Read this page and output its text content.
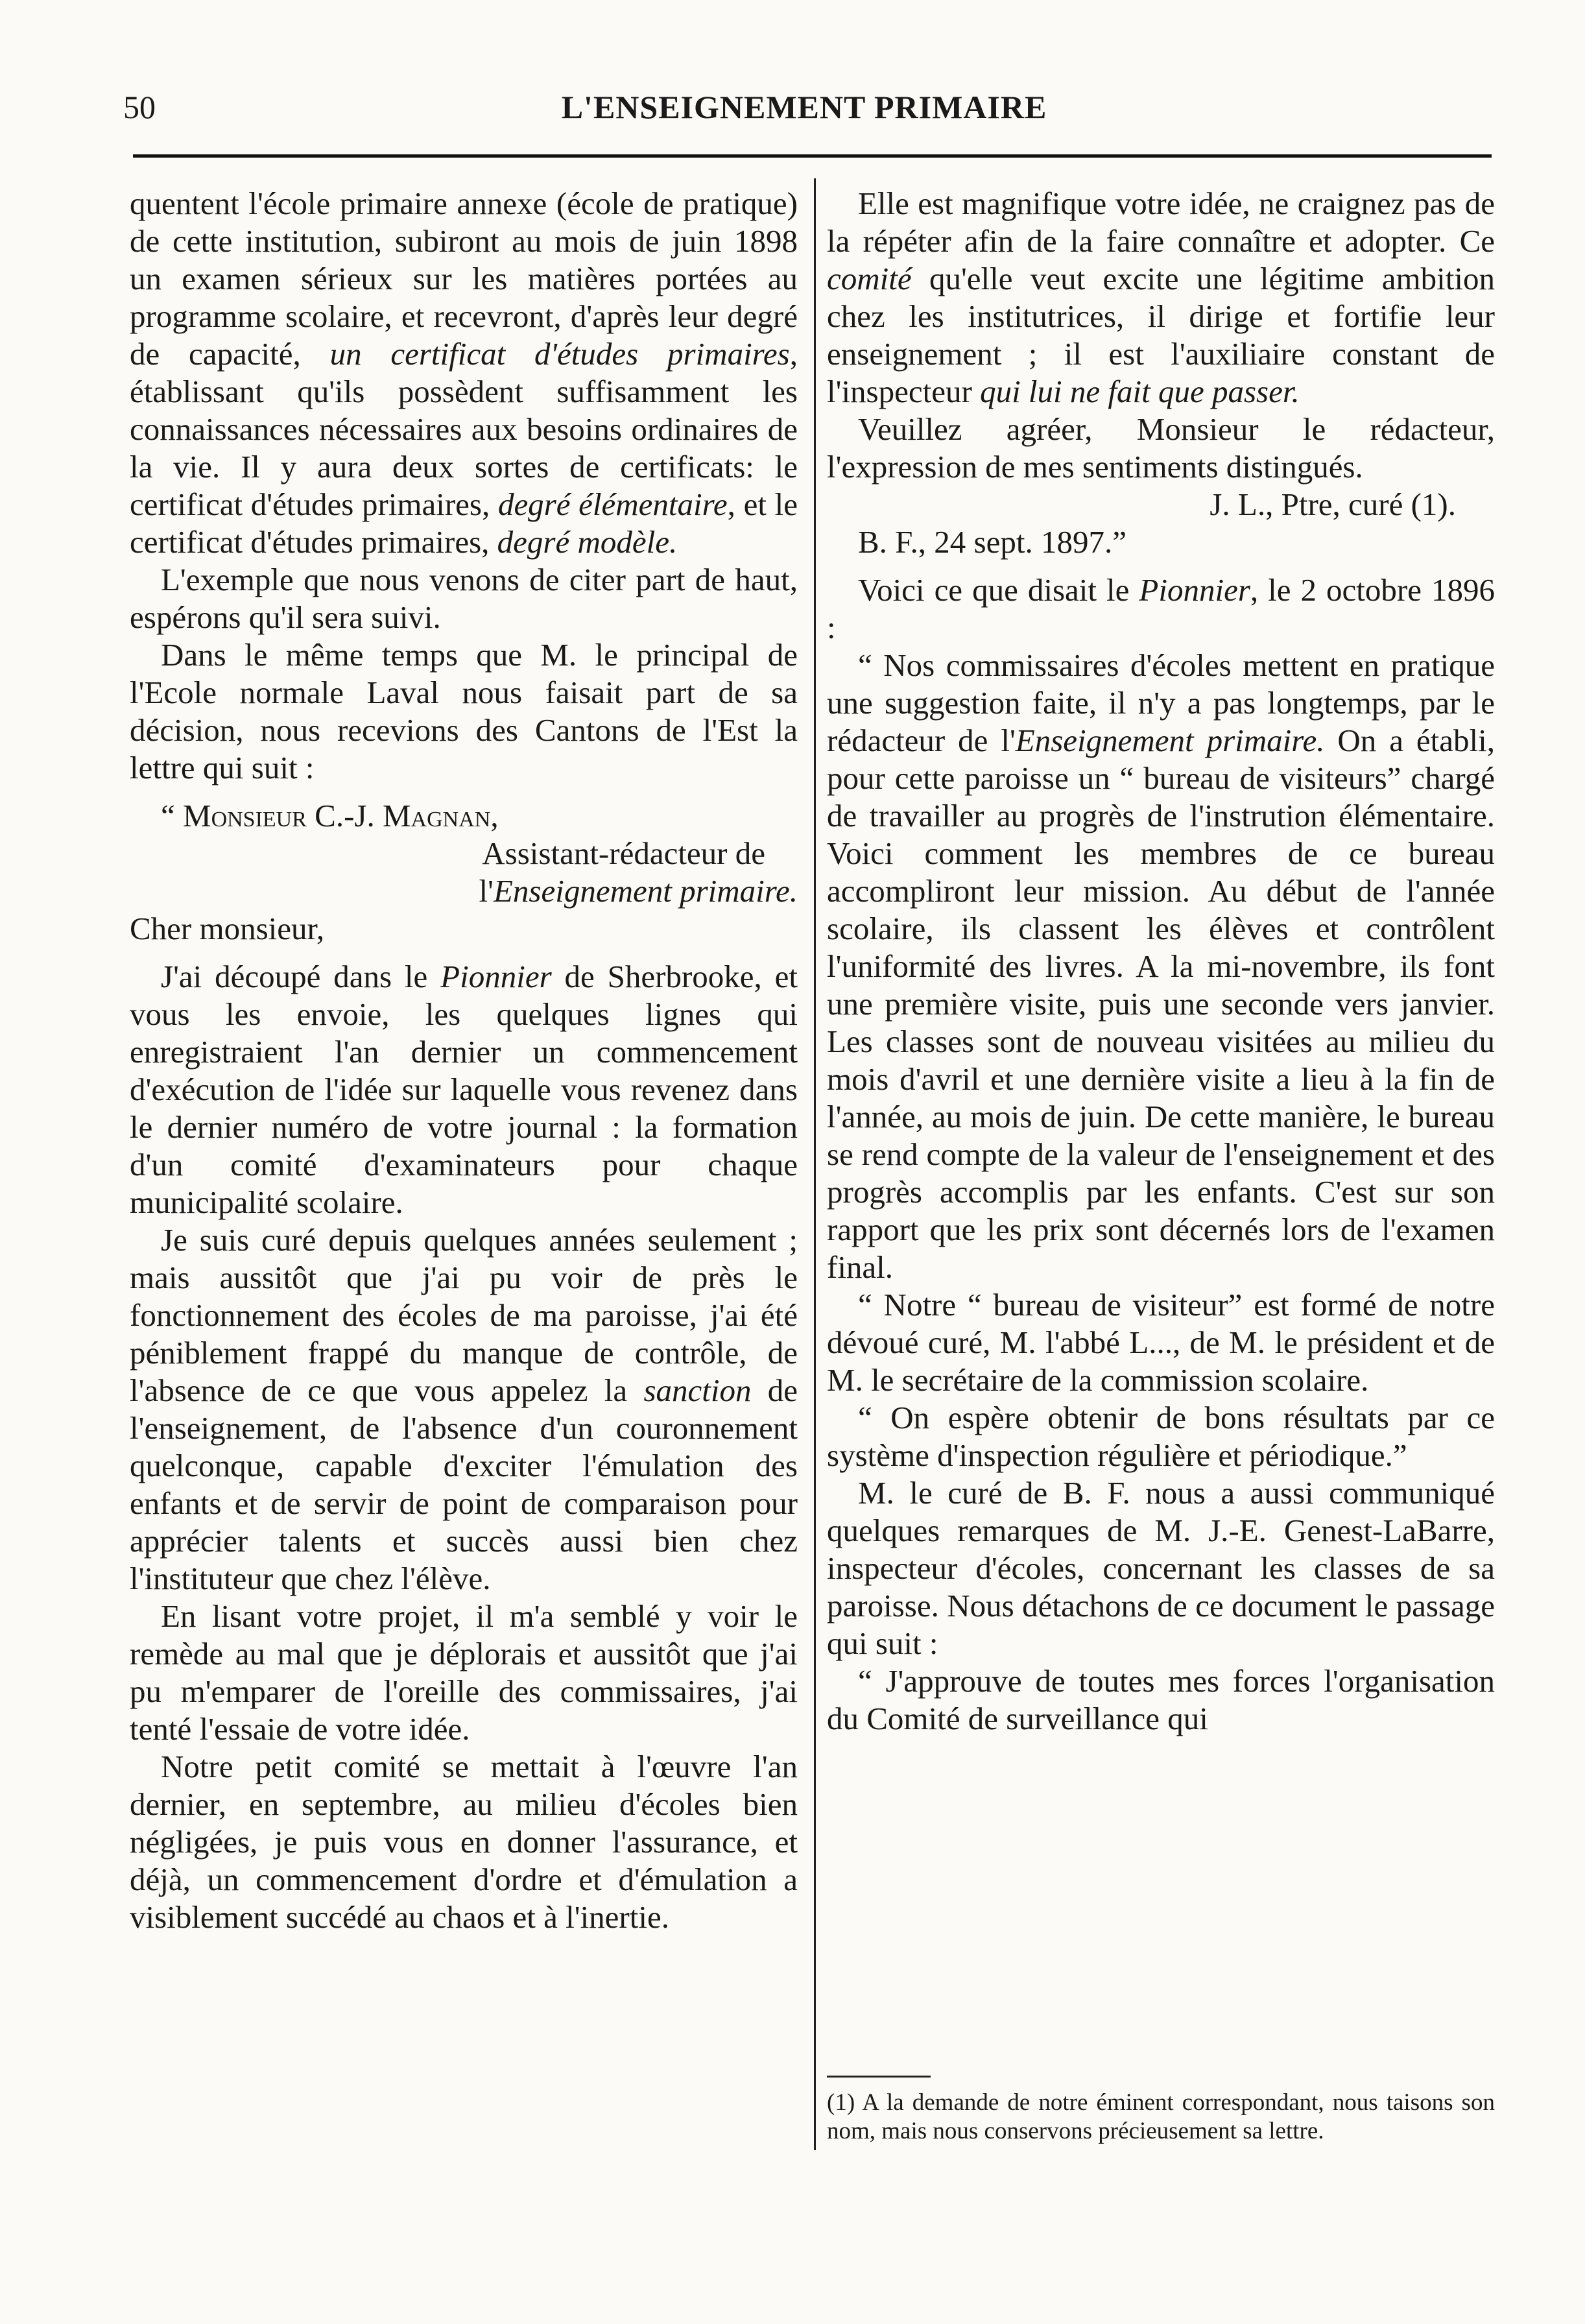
50	L'ENSEIGNEMENT PRIMAIRE

quentent l'école primaire annexe (école de pratique) de cette institution, subiront au mois de juin 1898 un examen sérieux sur les matières portées au programme scolaire, et recevront, d'après leur degré de capacité, un certificat d'études primaires, établissant qu'ils possèdent suffisamment les connaissances nécessaires aux besoins ordinaires de la vie. Il y aura deux sortes de certificats: le certificat d'études primaires, degré élémentaire, et le certificat d'études primaires, degré modèle.

L'exemple que nous venons de citer part de haut, espérons qu'il sera suivi.

Dans le même temps que M. le principal de l'Ecole normale Laval nous faisait part de sa décision, nous recevions des Cantons de l'Est la lettre qui suit :

“ Monsieur C.-J. Magnan,

Assistant-rédacteur de

l'Enseignement primaire.

Cher monsieur,

J'ai découpé dans le Pionnier de Sherbrooke, et vous les envoie, les quelques lignes qui enregistraient l'an dernier un commencement d'exécution de l'idée sur laquelle vous revenez dans le dernier numéro de votre journal : la formation d'un comité d'examinateurs pour chaque municipalité scolaire.

Je suis curé depuis quelques années seulement ; mais aussitôt que j'ai pu voir de près le fonctionnement des écoles de ma paroisse, j'ai été péniblement frappé du manque de contrôle, de l'absence de ce que vous appelez la sanction de l'enseignement, de l'absence d'un couronnement quelconque, capable d'exciter l'émulation des enfants et de servir de point de comparaison pour apprécier talents et succès aussi bien chez l'instituteur que chez l'élève.

En lisant votre projet, il m'a semblé y voir le remède au mal que je déplorais et aussitôt que j'ai pu m'emparer de l'oreille des commissaires, j'ai tenté l'essaie de votre idée.

Notre petit comité se mettait à l'œuvre l'an dernier, en septembre, au milieu d'écoles bien négligées, je puis vous en donner l'assurance, et déjà, un commencement d'ordre et d'émulation a visiblement succédé au chaos et à l'inertie.

Elle est magnifique votre idée, ne craignez pas de la répéter afin de la faire connaître et adopter. Ce comité qu'elle veut excite une légitime ambition chez les institutrices, il dirige et fortifie leur enseignement ; il est l'auxiliaire constant de l'inspecteur qui lui ne fait que passer.

Veuillez agréer, Monsieur le rédacteur, l'expression de mes sentiments distingués.

J. L., Ptre, curé (1).

B. F., 24 sept. 1897.”

Voici ce que disait le Pionnier, le 2 octobre 1896 :

“ Nos commissaires d'écoles mettent en pratique une suggestion faite, il n'y a pas longtemps, par le rédacteur de l'Enseignement primaire. On a établi, pour cette paroisse un “ bureau de visiteurs” chargé de travailler au progrès de l'instrution élémentaire. Voici comment les membres de ce bureau accompliront leur mission. Au début de l'année scolaire, ils classent les élèves et contrôlent l'uniformité des livres. A la mi-novembre, ils font une première visite, puis une seconde vers janvier. Les classes sont de nouveau visitées au milieu du mois d'avril et une dernière visite a lieu à la fin de l'année, au mois de juin. De cette manière, le bureau se rend compte de la valeur de l'enseignement et des progrès accomplis par les enfants. C'est sur son rapport que les prix sont décernés lors de l'examen final.

“ Notre “ bureau de visiteur” est formé de notre dévoué curé, M. l'abbé L..., de M. le président et de M. le secrétaire de la commission scolaire.

“ On espère obtenir de bons résultats par ce système d'inspection régulière et périodique.”

M. le curé de B. F. nous a aussi communiqué quelques remarques de M. J.-E. Genest-LaBarre, inspecteur d'écoles, concernant les classes de sa paroisse. Nous détachons de ce document le passage qui suit :

“ J'approuve de toutes mes forces l'organisation du Comité de surveillance qui

(1) A la demande de notre éminent correspondant, nous taisons son nom, mais nous conservons précieusement sa lettre.
